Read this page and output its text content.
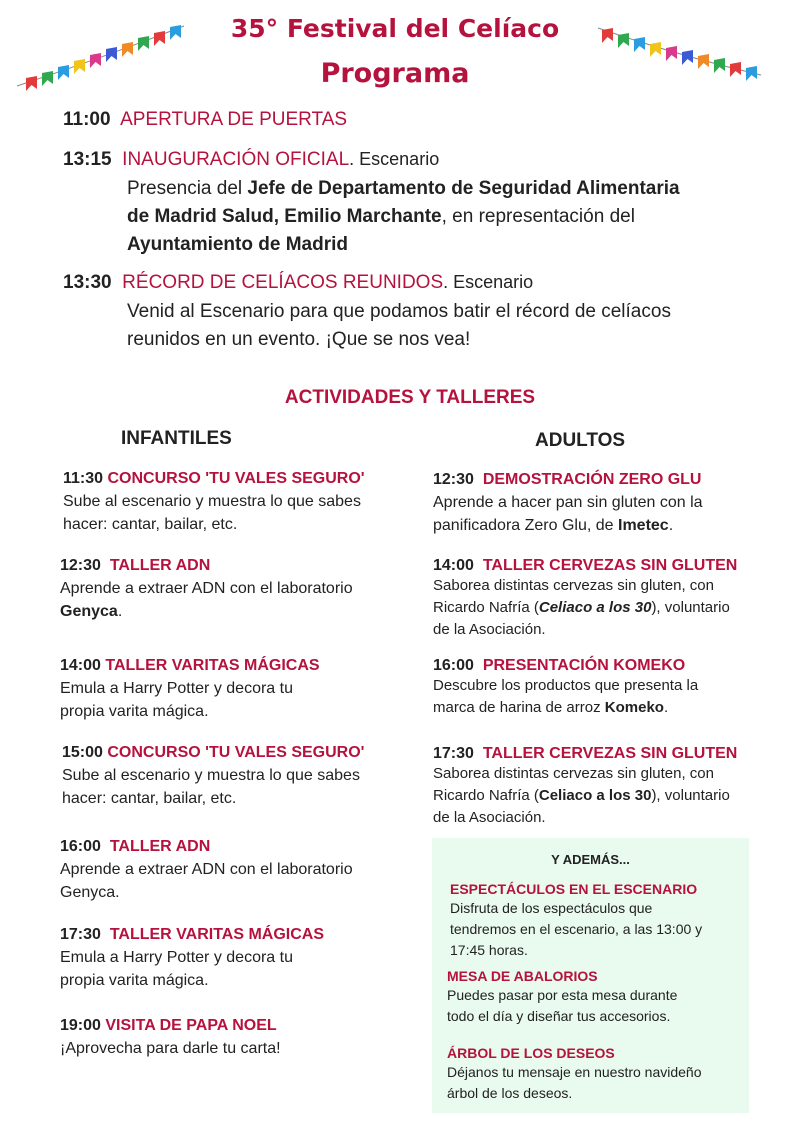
35° Festival del Celíaco
Programa
11:00 APERTURA DE PUERTAS
13:15 INAUGURACIÓN OFICIAL. Escenario
Presencia del Jefe de Departamento de Seguridad Alimentaria
de Madrid Salud, Emilio Marchante, en representación del
Ayuntamiento de Madrid
13:30 RÉCORD DE CELÍACOS REUNIDOS. Escenario
Venid al Escenario para que podamos batir el récord de celíacos
reunidos en un evento. ¡Que se nos vea!
ACTIVIDADES Y TALLERES
INFANTILES	ADULTOS
11:30 CONCURSO 'TU VALES SEGURO'
Sube al escenario y muestra lo que sabes
hacer: cantar, bailar, etc.
12:30 TALLER ADN
Aprende a extraer ADN con el laboratorio
Genyca.
14:00 TALLER VARITAS MÁGICAS
Emula a Harry Potter y decora tu
propia varita mágica.
15:00 CONCURSO 'TU VALES SEGURO'
Sube al escenario y muestra lo que sabes
hacer: cantar, bailar, etc.
16:00 TALLER ADN
Aprende a extraer ADN con el laboratorio
Genyca.
17:30 TALLER VARITAS MÁGICAS
Emula a Harry Potter y decora tu
propia varita mágica.
19:00 VISITA DE PAPA NOEL
¡Aprovecha para darle tu carta!
12:30 DEMOSTRACIÓN ZERO GLU
Aprende a hacer pan sin gluten con la
panificadora Zero Glu, de Imetec.
14:00 TALLER CERVEZAS SIN GLUTEN
Saborea distintas cervezas sin gluten, con
Ricardo Nafría (Celiaco a los 30), voluntario
de la Asociación.
16:00 PRESENTACIÓN KOMEKO
Descubre los productos que presenta la
marca de harina de arroz Komeko.
17:30 TALLER CERVEZAS SIN GLUTEN
Saborea distintas cervezas sin gluten, con
Ricardo Nafría (Celiaco a los 30), voluntario
de la Asociación.
Y ADEMÁS...
ESPECTÁCULOS EN EL ESCENARIO
Disfruta de los espectáculos que
tendremos en el escenario, a las 13:00 y
17:45 horas.
MESA DE ABALORIOS
Puedes pasar por esta mesa durante
todo el día y diseñar tus accesorios.
ÁRBOL DE LOS DESEOS
Déjanos tu mensaje en nuestro navideño
árbol de los deseos.
